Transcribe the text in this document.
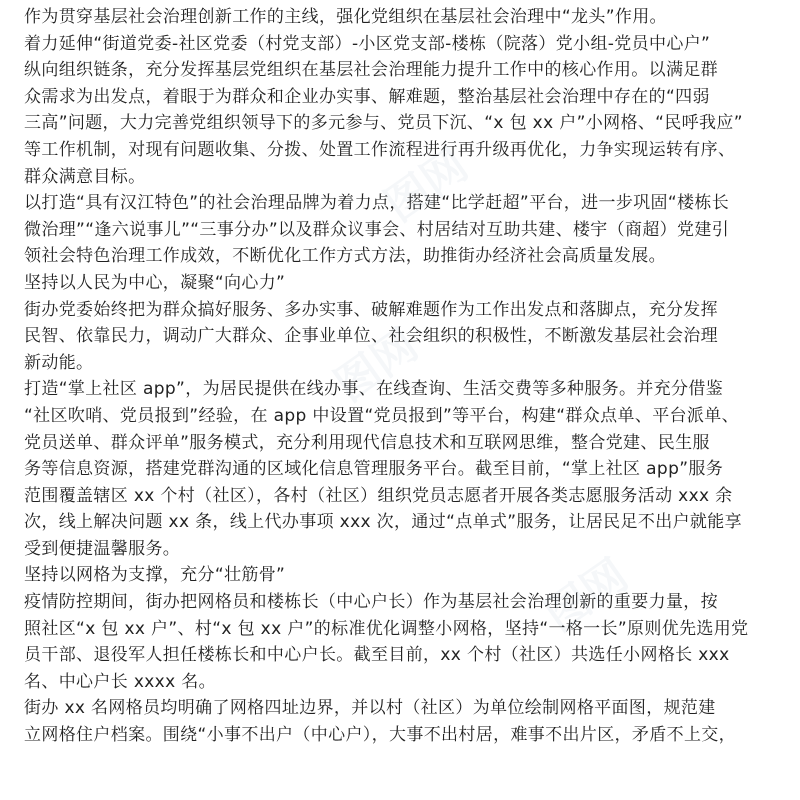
作为贯穿基层社会治理创新工作的主线，强化党组织在基层社会治理中“龙头”作用。
着力延伸“街道党委-社区党委（村党支部）-小区党支部-楼栋（院落）党小组-党员中心户”
纵向组织链条，充分发挥基层党组织在基层社会治理能力提升工作中的核心作用。以满足群
众需求为出发点，着眼于为群众和企业办实事、解难题，整治基层社会治理中存在的“四弱
三高”问题，大力完善党组织领导下的多元参与、党员下沉、“x 包 xx 户”小网格、“民呼我应”
等工作机制，对现有问题收集、分拨、处置工作流程进行再升级再优化，力争实现运转有序、
群众满意目标。
以打造“具有汉江特色”的社会治理品牌为着力点，搭建“比学赶超”平台，进一步巩固“楼栋长
微治理”“逢六说事儿”“三事分办”以及群众议事会、村居结对互助共建、楼宇（商超）党建引
领社会特色治理工作成效，不断优化工作方式方法，助推街办经济社会高质量发展。
坚持以人民为中心，凝聚“向心力”
街办党委始终把为群众搞好服务、多办实事、破解难题作为工作出发点和落脚点，充分发挥
民智、依靠民力，调动广大群众、企事业单位、社会组织的积极性，不断激发基层社会治理
新动能。
打造“掌上社区 app”，为居民提供在线办事、在线查询、生活交费等多种服务。并充分借鉴
“社区吹哨、党员报到”经验，在 app 中设置“党员报到”等平台，构建“群众点单、平台派单、
党员送单、群众评单”服务模式，充分利用现代信息技术和互联网思维，整合党建、民生服
务等信息资源，搭建党群沟通的区域化信息管理服务平台。截至目前，“掌上社区 app”服务
范围覆盖辖区 xx 个村（社区），各村（社区）组织党员志愿者开展各类志愿服务活动 xxx 余
次，线上解决问题 xx 条，线上代办事项 xxx 次，通过“点单式”服务，让居民足不出户就能享
受到便捷温馨服务。
坚持以网格为支撑，充分“壮筋骨”
疫情防控期间，街办把网格员和楼栋长（中心户长）作为基层社会治理创新的重要力量，按
照社区“x 包 xx 户”、村“x 包 xx 户”的标准优化调整小网格，坚持“一格一长”原则优先选用党
员干部、退役军人担任楼栋长和中心户长。截至目前，xx 个村（社区）共选任小网格长 xxx
名、中心户长 xxxx 名。
街办 xx 名网格员均明确了网格四址边界，并以村（社区）为单位绘制网格平面图，规范建
立网格住户档案。围绕“小事不出户（中心户），大事不出村居，难事不出片区，矛盾不上交，
图网
图网
图网
